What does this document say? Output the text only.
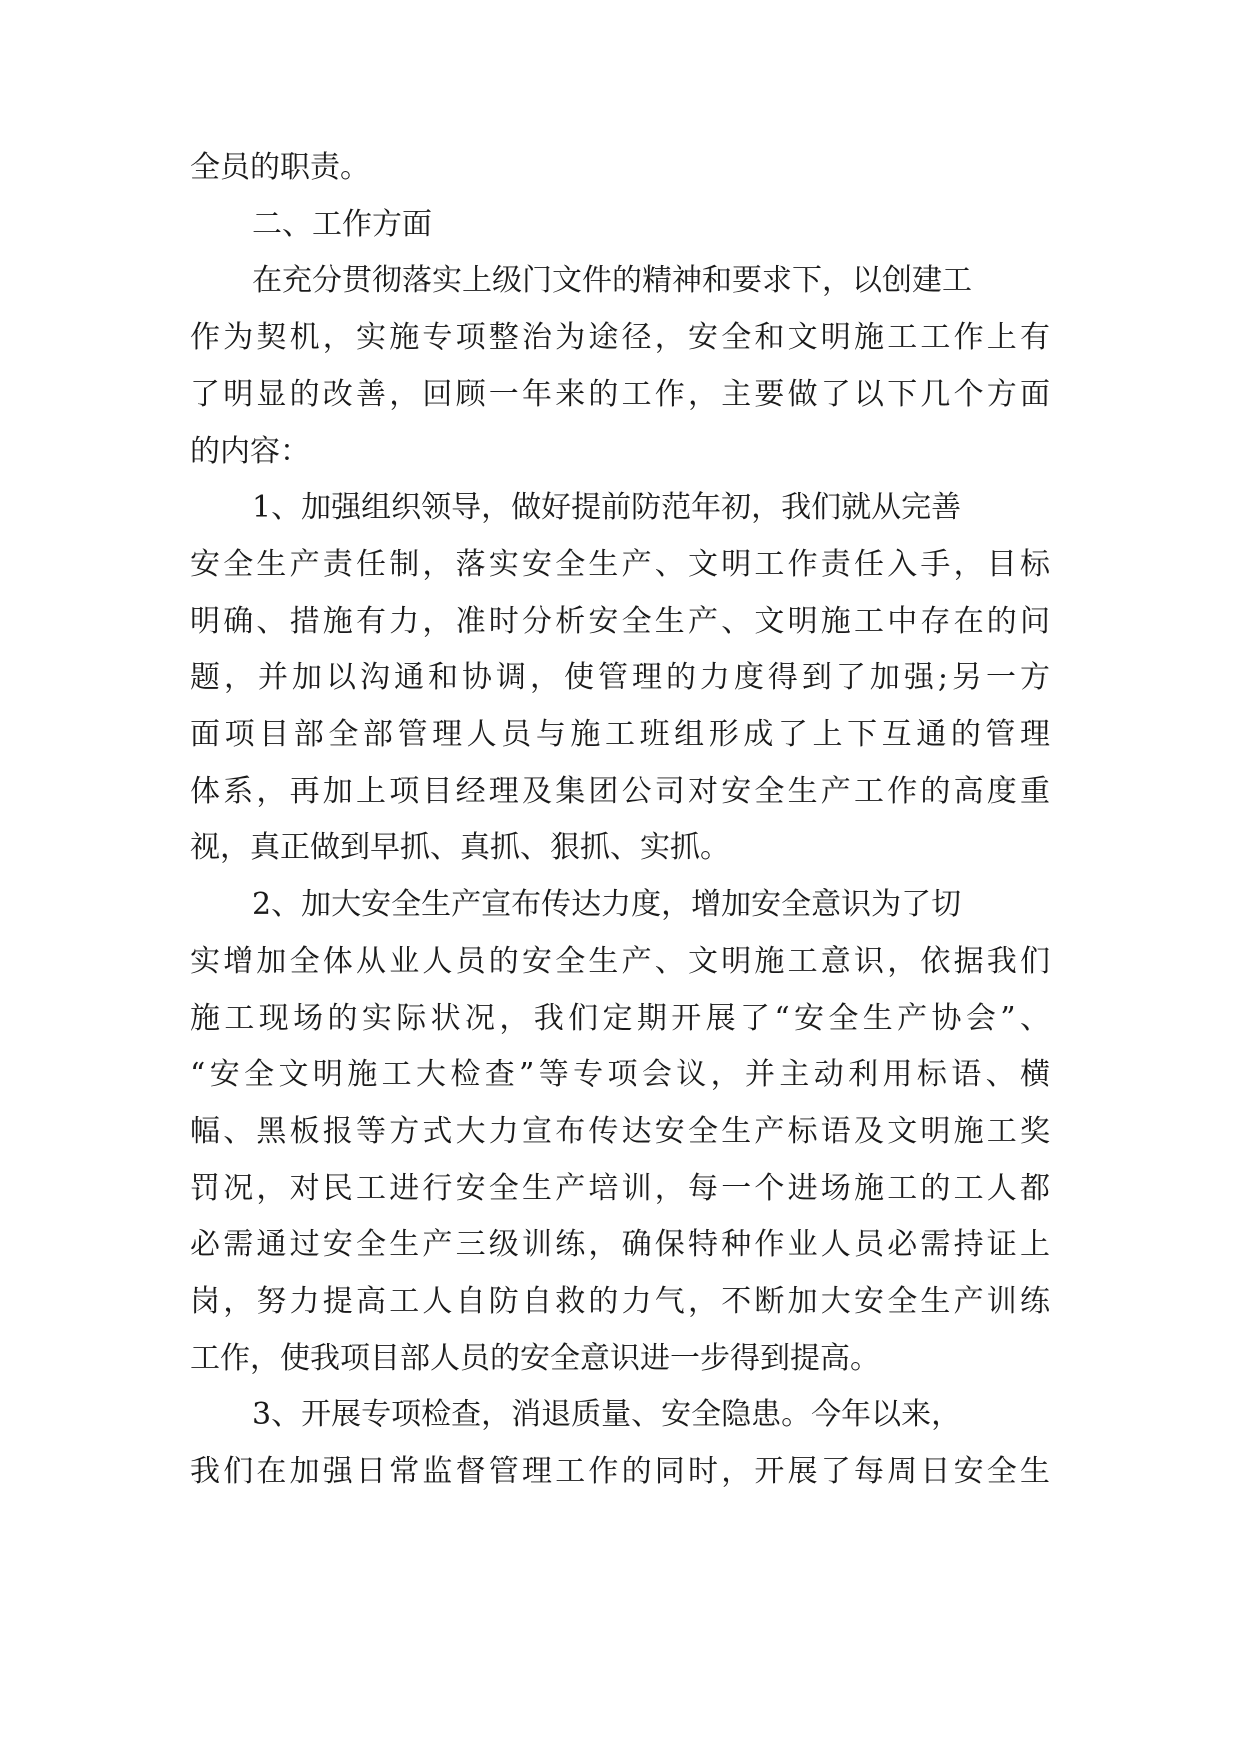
全员的职责。
二、工作方面
在充分贯彻落实上级门文件的精神和要求下，以创建工
作为契机，实施专项整治为途径，安全和文明施工工作上有
了明显的改善，回顾一年来的工作，主要做了以下几个方面
的内容：
1、加强组织领导，做好提前防范年初，我们就从完善
安全生产责任制，落实安全生产、文明工作责任入手，目标
明确、措施有力，准时分析安全生产、文明施工中存在的问
题，并加以沟通和协调，使管理的力度得到了加强;另一方
面项目部全部管理人员与施工班组形成了上下互通的管理
体系，再加上项目经理及集团公司对安全生产工作的高度重
视，真正做到早抓、真抓、狠抓、实抓。
2、加大安全生产宣布传达力度，增加安全意识为了切
实增加全体从业人员的安全生产、文明施工意识，依据我们
施工现场的实际状况，我们定期开展了“安全生产协会”、
“安全文明施工大检查”等专项会议，并主动利用标语、横
幅、黑板报等方式大力宣布传达安全生产标语及文明施工奖
罚况，对民工进行安全生产培训，每一个进场施工的工人都
必需通过安全生产三级训练，确保特种作业人员必需持证上
岗，努力提高工人自防自救的力气，不断加大安全生产训练
工作，使我项目部人员的安全意识进一步得到提高。
3、开展专项检查，消退质量、安全隐患。今年以来，
我们在加强日常监督管理工作的同时，开展了每周日安全生
